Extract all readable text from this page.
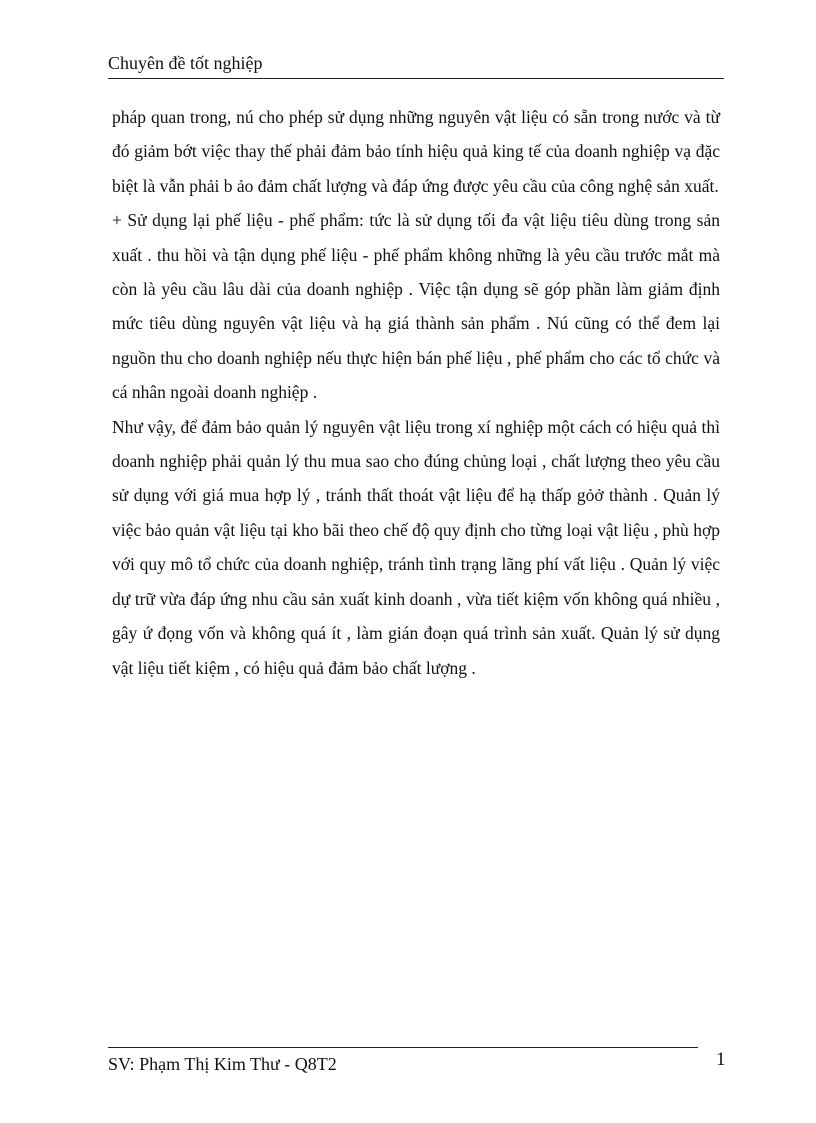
Chuyên đề tốt nghiệp

pháp quan trong, nú cho phép sử dụng những nguyên vật liệu có sẵn trong nước và từ đó giảm bớt việc thay thế phải đảm bảo tính hiệu quả king tế của doanh nghiệp vạ đặc biệt là vẫn phải b ảo đảm chất lượng và đáp ứng được yêu cầu của công nghệ sản xuất.

+ Sử dụng lại phế liệu - phế phẩm: tức là sử dụng tối đa vật liệu tiêu dùng trong sản xuất . thu hồi và tận dụng phế liệu - phế phẩm không những là yêu cầu trước mắt mà còn là yêu cầu lâu dài của doanh nghiệp . Việc tận dụng sẽ góp phần làm giảm định mức tiêu dùng nguyên vật liệu và hạ giá thành sản phẩm . Nú cũng có thể đem lại nguồn thu cho doanh nghiệp nếu thực hiện bán phế liệu , phế phẩm cho các tổ chức và cá nhân ngoài doanh nghiệp .

Như vậy, để đảm bảo quản lý nguyên vật liệu trong xí nghiệp một cách có hiệu quả thì doanh nghiệp phải quản lý thu mua sao cho đúng chủng loại , chất lượng theo yêu cầu sử dụng với giá mua hợp lý , tránh thất thoát vật liệu để hạ thấp gỏở thành . Quản lý việc bảo quản vật liệu tại kho bãi theo chế độ quy định cho từng loại vật liệu , phù hợp với quy mô tổ chức của doanh nghiệp, tránh tình trạng lãng phí vất liệu . Quản lý việc dự trữ vừa đáp ứng nhu cầu sản xuất kinh doanh , vừa tiết kiệm vốn không quá nhiều , gây ứ đọng vốn và không quá ít , làm gián đoạn quá trình sản xuất. Quản lý sử dụng vật liệu tiết kiệm , có hiệu quả đảm bảo chất lượng .

SV: Phạm Thị Kim Thư - Q8T2	1
